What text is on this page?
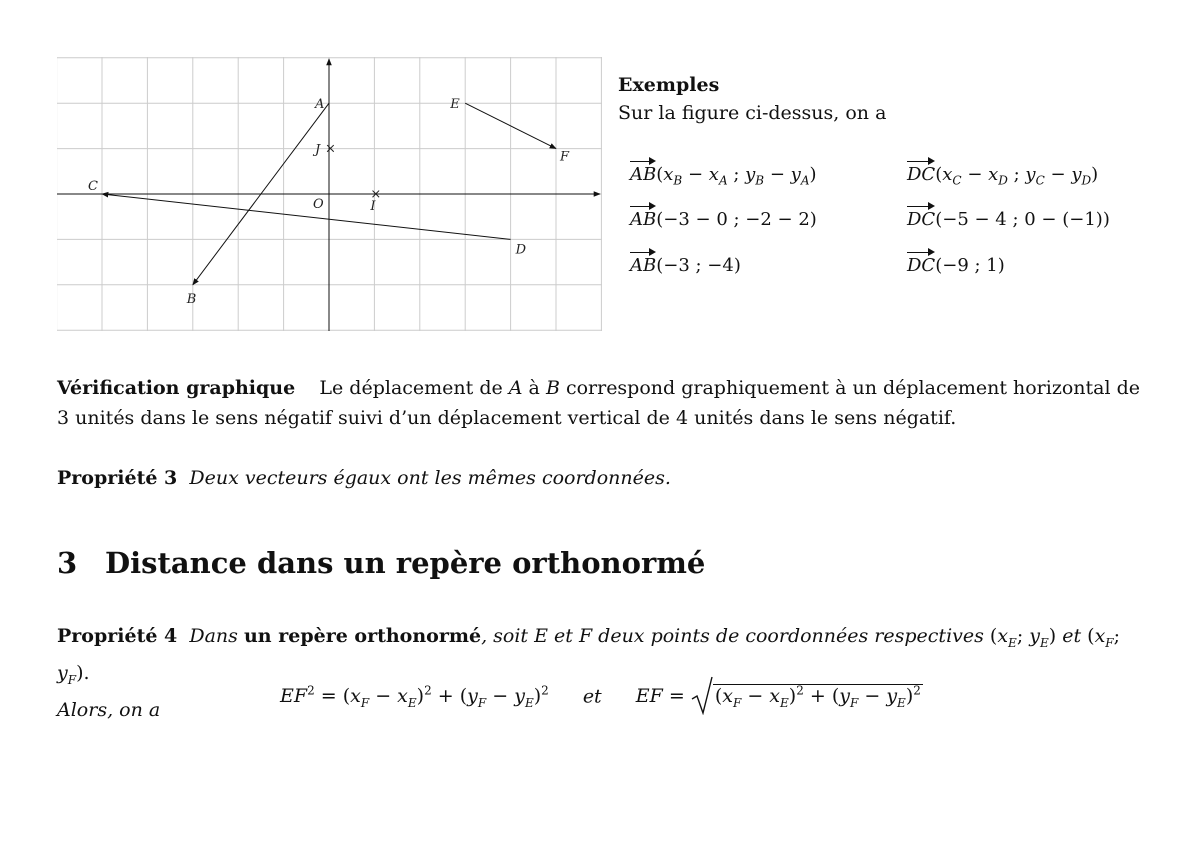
×
×
A
B
C
D
E
F
O	I
J
Exemples
Sur la figure ci-dessus, on a
$AB(x_B - x_A$ ; $y_B - y_A$)
AB(−3 − 0 ; −2 − 2)
AB(−3 ; −4)
$DC(x_C - x_D$ ; $y_C - y_D$)
DC(−5 − 4 ; 0 − (−1))
DC(−9 ; 1)
Vérification graphique Le déplacement de A à B correspond graphiquement à un déplacement horizontal de 3 unités dans le sens négatif suivi d’un déplacement vertical de 4 unités dans le sens négatif.
Propriété 3 Deux vecteurs égaux ont les mêmes coordonnées.
3 Distance dans un repère orthonormé
Propriété 4 Dans un repère orthonormé, soit E et F deux points de coordonnées respectives ($x_E$; $y_E$) et ($x_F$; $y_F$).
Alors, on a
$EF^2 = (x_F - x_E)^2 + (y_F - y_E)^2$ et EF =
$(x_F - x_E)^2 + (y_F - y_E)^2$
